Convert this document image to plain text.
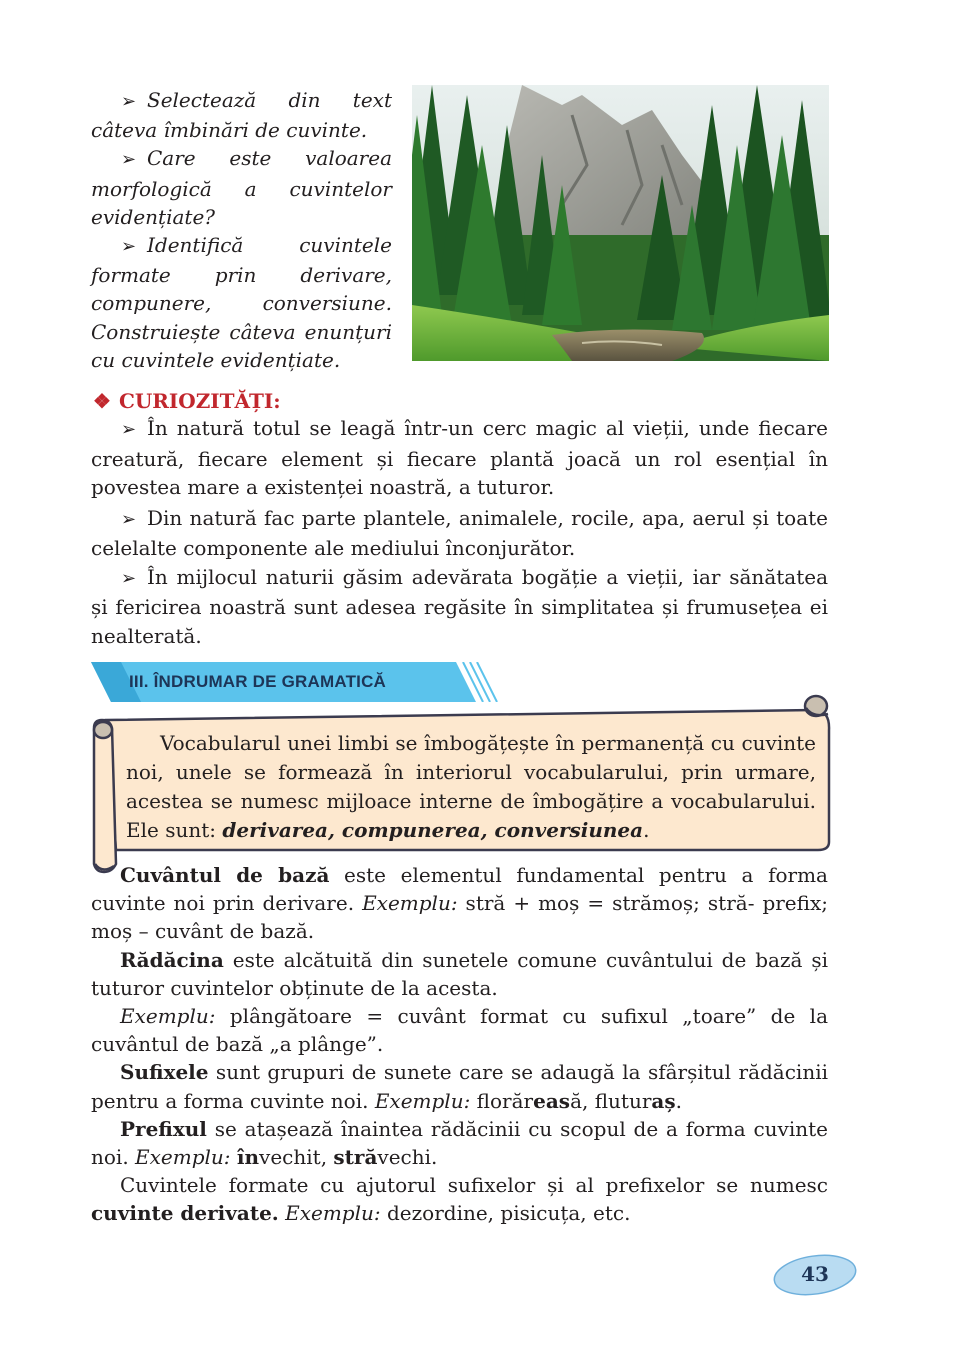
➢ Selectează din text câteva îmbinări de cuvinte.

➢ Care este valoarea morfologică a cuvintelor evidențiate?

➢ Identifică cuvintele formate prin derivare, compunere, conversiune. Construiește câteva enunțuri cu cuvintele evidențiate.

❖ CURIOZITĂȚI:

➢ În natură totul se leagă într-un cerc magic al vieții, unde fiecare creatură, fiecare element și fiecare plantă joacă un rol esențial în povestea mare a existenței noastră, a tuturor.

➢ Din natură fac parte plantele, animalele, rocile, apa, aerul și toate celelalte componente ale mediului înconjurător.

➢ În mijlocul naturii găsim adevărata bogăție a vieții, iar sănătatea și fericirea noastră sunt adesea regăsite în simplitatea și frumusețea ei nealterată.

III. ÎNDRUMAR DE GRAMATICĂ
Vocabularul unei limbi se îmbogățește în permanență cu cuvinte noi, unele se formează în interiorul vocabularului, prin urmare, acestea se numesc mijloace interne de îmbogățire a vocabularului. Ele sunt: derivarea, compunerea, conversiunea.

Cuvântul de bază este elementul fundamental pentru a forma cuvinte noi prin derivare. Exemplu: stră + moș = strămoș; stră- prefix; moș – cuvânt de bază.

Rădăcina este alcătuită din sunetele comune cuvântului de bază și tuturor cuvintelor obținute de la acesta.

Exemplu: plângătoare = cuvânt format cu sufixul „toare” de la cuvântul de bază „a plânge”.

Sufixele sunt grupuri de sunete care se adaugă la sfârșitul rădăcinii pentru a forma cuvinte noi. Exemplu: florăreasă, fluturaș.

Prefixul se atașează înaintea rădăcinii cu scopul de a forma cuvinte noi. Exemplu: învechit, străvechi.

Cuvintele formate cu ajutorul sufixelor și al prefixelor se numesc cuvinte derivate. Exemplu: dezordine, pisicuța, etc.

43
